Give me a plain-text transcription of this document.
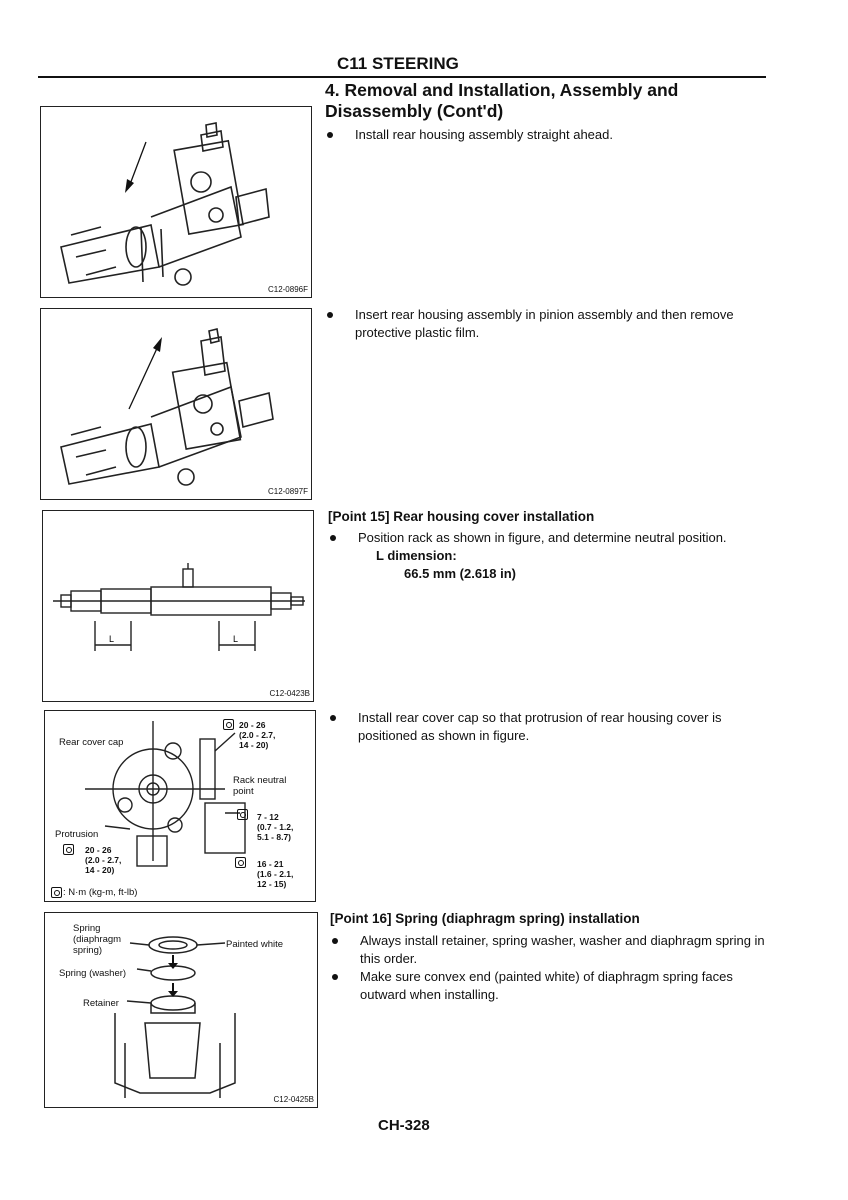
C11 STEERING
4. Removal and Installation, Assembly and Disassembly (Cont'd)
C12-0896F
C12-0897F
L	L
C12-0423B
Rear cover cap
Protrusion
Rack neutral point
20 - 26
(2.0 - 2.7,
14 - 20)
7 - 12
(0.7 - 1.2,
5.1 - 8.7)
20 - 26
(2.0 - 2.7,
14 - 20)
16 - 21
(1.6 - 2.1,
12 - 15)
: N·m (kg-m, ft-lb)
Spring
(diaphragm
spring)
Painted white
Spring (washer)
Retainer
C12-0425B
Install rear housing assembly straight ahead.
Insert rear housing assembly in pinion assembly and then remove protective plastic film.
[Point 15] Rear housing cover installation
Position rack as shown in figure, and determine neutral position.
L dimension:
66.5 mm (2.618 in)
Install rear cover cap so that protrusion of rear housing cover is positioned as shown in figure.
[Point 16] Spring (diaphragm spring) installation
Always install retainer, spring washer, washer and diaphragm spring in this order.
Make sure convex end (painted white) of diaphragm spring faces outward when installing.
CH-328
